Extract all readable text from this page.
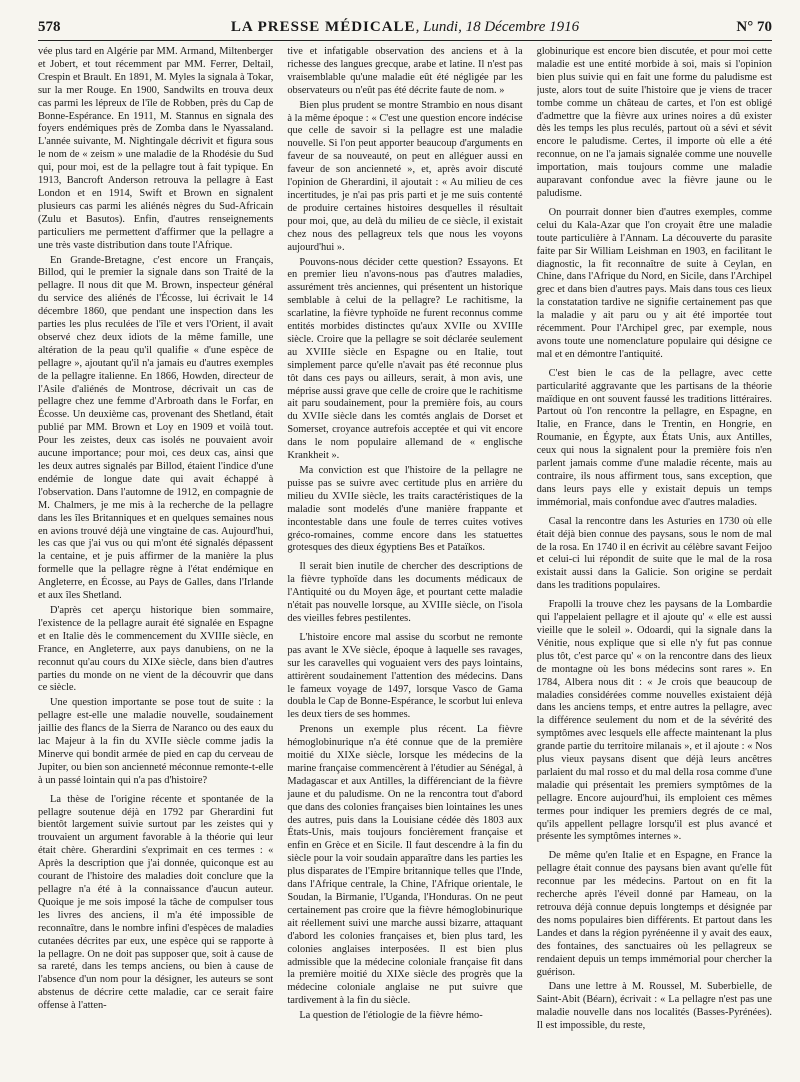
578	LA PRESSE MÉDICALE, Lundi, 18 Décembre 1916	N° 70

vée plus tard en Algérie par MM. Armand, Miltenberger et Jobert, et tout récemment par MM. Ferrer, Deltail, Crespin et Brault. En 1891, M. Myles la signala à Tokar, sur la mer Rouge. En 1900, Sandwilts en trouva deux cas parmi les lépreux de l'île de Robben, près du Cap de Bonne-Espérance. En 1911, M. Stannus en signala des foyers endémiques près de Zomba dans le Nyassaland. L'année suivante, M. Nightingale décrivit et figura sous le nom de « zeism » une maladie de la Rhodésie du Sud qui, pour moi, est de la pellagre tout à fait typique. En 1913, Bancroft Anderson retrouva la pellagre à East London et en 1914, Swift et Brown en signalent plusieurs cas parmi les aliénés nègres du Sud-Africain (Zulu et Basutos). Enfin, d'autres renseignements particuliers me permettent d'affirmer que la pellagre a une très vaste distribution dans toute l'Afrique.

En Grande-Bretagne, c'est encore un Français, Billod, qui le premier la signale dans son Traité de la pellagre. Il nous dit que M. Brown, inspecteur général du service des aliénés de l'Écosse, lui écrivait le 14 décembre 1860, que pendant une inspection dans les parties les plus reculées de l'île et vers l'Orient, il avait observé chez deux idiots de la même famille, une altération de la peau qu'il qualifie « d'une espèce de pellagre », ajoutant qu'il n'a jamais eu d'autres exemples de la pellagre italienne. En 1866, Howden, directeur de l'Asile d'aliénés de Montrose, décrivait un cas de pellagre chez une femme d'Arbroath dans le Forfar, en Écosse. Un deuxième cas, provenant des Shetland, était publié par MM. Brown et Loy en 1909 et voilà tout. Pour les zeistes, deux cas isolés ne pouvaient avoir aucune importance; pour moi, ces deux cas, ainsi que les deux autres signalés par Billod, étaient l'indice d'une endémie de longue date qui avait échappé à l'observation. Dans l'automne de 1912, en compagnie de M. Chalmers, je me mis à la recherche de la pellagre dans les îles Britanniques et en quelques semaines nous en avions trouvé déjà une vingtaine de cas. Aujourd'hui, les cas que j'ai vus ou qui m'ont été signalés dépassent la centaine, et je puis affirmer de la manière la plus formelle que la pellagre règne à l'état endémique en Angleterre, en Écosse, au Pays de Galles, dans l'Irlande et aux îles Shetland.

D'après cet aperçu historique bien sommaire, l'existence de la pellagre aurait été signalée en Espagne et en Italie dès le commencement du XVIIIe siècle, en France, en Angleterre, aux pays danubiens, on ne la reconnut qu'au cours du XIXe siècle, dans bien d'autres parties du monde on ne vient de la découvrir que dans ce siècle.

Une question importante se pose tout de suite : la pellagre est-elle une maladie nouvelle, soudainement jaillie des flancs de la Sierra de Naranco ou des eaux du lac Majeur à la fin du XVIIe siècle comme jadis la Minerve qui bondit armée de pied en cap du cerveau de Jupiter, ou bien son ancienneté méconnue remonte-t-elle à un passé lointain qui n'a pas d'histoire?

La thèse de l'origine récente et spontanée de la pellagre soutenue déjà en 1792 par Gherardini fut bientôt largement suivie surtout par les zeistes qui y trouvaient un argument favorable à la théorie qui leur était chère. Gherardini s'exprimait en ces termes : « Après la description que j'ai donnée, quiconque est au courant de l'histoire des maladies doit conclure que la pellagre n'a été à la connaissance d'aucun auteur. Quoique je me sois imposé la tâche de compulser tous les livres des anciens, il m'a été impossible de reconnaître, dans le nombre infini d'espèces de maladies cutanées décrites par eux, une espèce qui se rapporte à la pellagre. On ne doit pas supposer que, soit à cause de sa rareté, dans les temps anciens, ou bien à cause de l'absence d'un nom pour la désigner, les auteurs se sont abstenus de décrire cette maladie, car ce serait faire offense à l'atten-

tive et infatigable observation des anciens et à la richesse des langues grecque, arabe et latine. Il n'est pas vraisemblable qu'une maladie eût été négligée par les observateurs ou n'eût pas été décrite faute de nom. »

Bien plus prudent se montre Strambio en nous disant à la même époque : « C'est une question encore indécise que celle de savoir si la pellagre est une maladie nouvelle. Si l'on peut apporter beaucoup d'arguments en faveur de sa nouveauté, on peut en alléguer aussi en faveur de son ancienneté », et, après avoir discuté l'opinion de Gherardini, il ajoutait : « Au milieu de ces incertitudes, je n'ai pas pris parti et je me suis contenté de produire certaines histoires desquelles il résultait pour moi, que, au delà du milieu de ce siècle, il existait chez nous des pellagreux tels que nous les voyons aujourd'hui ».

Pouvons-nous décider cette question? Essayons. Et en premier lieu n'avons-nous pas d'autres maladies, assurément très anciennes, qui présentent un historique semblable à celui de la pellagre? Le rachitisme, la scarlatine, la fièvre typhoïde ne furent reconnus comme entités morbides distinctes qu'aux XVIIe ou XVIIIe siècle. Croire que la pellagre se soit déclarée seulement au XVIIIe siècle en Espagne ou en Italie, tout simplement parce qu'elle n'avait pas été reconnue plus tôt dans ces pays ou ailleurs, serait, à mon avis, une méprise aussi grave que celle de croire que le rachitisme ait paru soudainement, pour la première fois, au cours du XVIIe siècle dans les comtés anglais de Dorset et Somerset, croyance autrefois acceptée et qui vit encore dans le nom populaire allemand de « englische Krankheit ».

Ma conviction est que l'histoire de la pellagre ne puisse pas se suivre avec certitude plus en arrière du milieu du XVIIe siècle, les traits caractéristiques de la maladie sont modelés d'une manière frappante et incontestable dans une foule de terres cuites votives gréco-romaines, comme encore dans les statuettes grotesques des dieux égyptiens Bes et Pataïkos.

Il serait bien inutile de chercher des descriptions de la fièvre typhoïde dans les documents médicaux de l'Antiquité ou du Moyen âge, et pourtant cette maladie n'était pas nouvelle lorsque, au XVIIIe siècle, on l'isola des vieilles febres pestilentes.

L'histoire encore mal assise du scorbut ne remonte pas avant le XVe siècle, époque à laquelle ses ravages, sur les caravelles qui voguaient vers des pays lointains, attirèrent soudainement l'attention des médecins. Dans le fameux voyage de 1497, lorsque Vasco de Gama doubla le Cap de Bonne-Espérance, le scorbut lui enleva les deux tiers de ses hommes.

Prenons un exemple plus récent. La fièvre hémoglobinurique n'a été connue que de la première moitié du XIXe siècle, lorsque les médecins de la marine française commencèrent à l'étudier au Sénégal, à Madagascar et aux Antilles, la différenciant de la fièvre jaune et du paludisme. On ne la rencontra tout d'abord que dans des colonies françaises bien lointaines les unes des autres, puis dans la Louisiane cédée dès 1803 aux États-Unis, mais toujours foncièrement française et enfin en Grèce et en Sicile. Il faut descendre à la fin du siècle pour la voir soudain apparaître dans les parties les plus disparates de l'Empire britannique telles que l'Inde, dans l'Afrique centrale, la Chine, l'Afrique orientale, le Soudan, la Birmanie, l'Uganda, l'Honduras. On ne peut certainement pas croire que la fièvre hémoglobinurique ait réellement suivi une marche aussi bizarre, attaquant d'abord les colonies françaises et, bien plus tard, les colonies anglaises interposées. Il est bien plus admissible que la médecine coloniale française fit dans la première moitié du XIXe siècle des progrès que la médecine coloniale anglaise ne put suivre que tardivement à la fin du siècle.

La question de l'étiologie de la fièvre hémo-

globinurique est encore bien discutée, et pour moi cette maladie est une entité morbide à soi, mais si l'opinion bien plus suivie qui en fait une forme du paludisme est juste, alors tout de suite l'histoire que je viens de tracer tombe comme un château de cartes, et l'on est obligé d'admettre que la fièvre aux urines noires a dû exister dès les temps les plus reculés, partout où a sévi et sévit encore le paludisme. Certes, il importe où elle a été reconnue, on ne l'a jamais signalée comme une nouvelle importation, mais toujours comme une maladie auparavant confondue avec la fièvre jaune ou le paludisme.

On pourrait donner bien d'autres exemples, comme celui du Kala-Azar que l'on croyait être une maladie toute particulière à l'Annam. La découverte du parasite faite par Sir William Leishman en 1903, en facilitant le diagnostic, la fit reconnaître de suite à Ceylan, en Chine, dans l'Afrique du Nord, en Sicile, dans l'Archipel grec et dans bien d'autres pays. Mais dans tous ces lieux la constatation tardive ne signifie certainement pas que la maladie y ait paru ou y ait été importée tout récemment. Pour l'Archipel grec, par exemple, nous avons toute une nomenclature populaire qui désigne ce mal et en démontre l'antiquité.

C'est bien le cas de la pellagre, avec cette particularité aggravante que les partisans de la théorie maïdique en ont souvent faussé les traditions littéraires. Partout où l'on rencontre la pellagre, en Espagne, en Italie, en France, dans le Trentin, en Hongrie, en Roumanie, en Égypte, aux États Unis, aux Antilles, ceux qui nous la signalent pour la première fois n'en parlent jamais comme d'une maladie récente, mais au contraire, ils nous affirment tous, sans exception, que dans leurs pays elle y existait depuis un temps immémorial, mais confondue avec d'autres maladies.

Casal la rencontre dans les Asturies en 1730 où elle était déjà bien connue des paysans, sous le nom de mal de la rosa. En 1740 il en écrivit au célèbre savant Feijoo et celui-ci lui répondit de suite que le mal de la rosa existait aussi dans la Galicie. Son origine se perdait dans les traditions populaires.

Frapolli la trouve chez les paysans de la Lombardie qui l'appelaient pellagre et il ajoute qu' « elle est aussi vieille que le soleil ». Odoardi, qui la signale dans la Vénitie, nous explique que si elle n'y fut pas connue plus tôt, c'est parce qu' « on la rencontre dans des lieux de montagne où les bons médecins sont rares ». En 1784, Albera nous dit : « Je crois que beaucoup de maladies considérées comme nouvelles existaient déjà dans les anciens temps, et entre autres la pellagre, avec la différence seulement du nom et de la sévérité des symptômes avec lesquels elle affecte maintenant la plus grande partie du territoire milanais », et il ajoute : « Nos plus vieux paysans disent que déjà leurs ancêtres parlaient du mal rosso et du mal della rosa comme d'une maladie qui présentait les premiers symptômes de la pellagre. Encore aujourd'hui, ils emploient ces mêmes termes pour indiquer les premiers degrés de ce mal, qu'ils appellent pellagre lorsqu'il est plus avancé et présente les symptômes internes ».

De même qu'en Italie et en Espagne, en France la pellagre était connue des paysans bien avant qu'elle fût reconnue par les médecins. Partout on en fit la recherche après l'éveil donné par Hameau, on la retrouva déjà connue depuis longtemps et désignée par des noms populaires bien différents. Et partout dans les Landes et dans la région pyrénéenne il y avait des eaux, des fontaines, des sanctuaires où les pellagreux se rendaient depuis un temps immémorial pour chercher la guérison.

Dans une lettre à M. Roussel, M. Suberbielle, de Saint-Abit (Béarn), écrivait : « La pellagre n'est pas une maladie nouvelle dans nos localités (Basses-Pyrénées). Il est impossible, du reste,
